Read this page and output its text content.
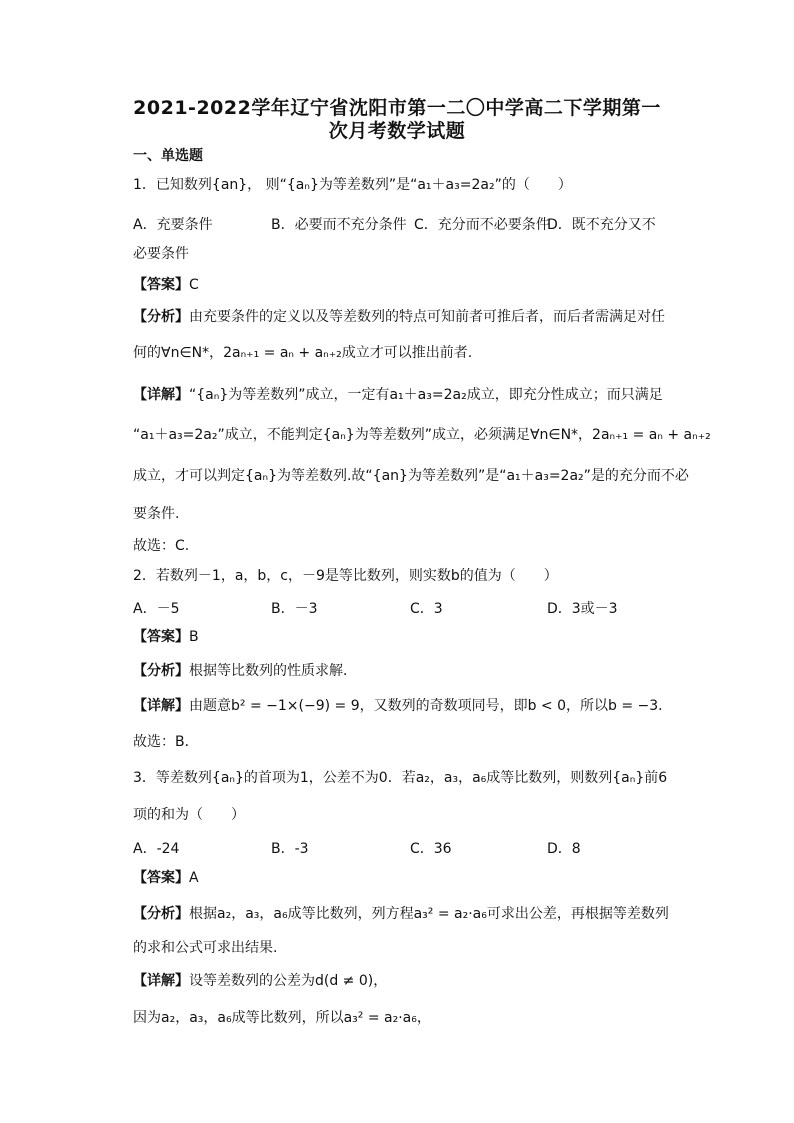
2021-2022学年辽宁省沈阳市第一二〇中学高二下学期第一
次月考数学试题
一、单选题
1．已知数列{an}， 则“{aₙ}为等差数列”是“a₁＋a₃=2a₂”的（　　）
A．充要条件	B．必要而不充分条件 C．充分而不必要条件
D．既不充分又不
必要条件
【答案】C
【分析】由充要条件的定义以及等差数列的特点可知前者可推后者，而后者需满足对任
何的∀n∈N*，2aₙ₊₁ = aₙ + aₙ₊₂成立才可以推出前者.
【详解】“{aₙ}为等差数列”成立，一定有a₁＋a₃=2a₂成立，即充分性成立；而只满足
“a₁＋a₃=2a₂”成立，不能判定{aₙ}为等差数列”成立，必须满足∀n∈N*，2aₙ₊₁ = aₙ + aₙ₊₂
成立，才可以判定{aₙ}为等差数列.故“{an}为等差数列”是“a₁＋a₃=2a₂”是的充分而不必
要条件.
故选：C.
2．若数列－1，a，b，c，－9是等比数列，则实数b的值为（　　）
A．－5	B．－3	C．3	D．3或－3
【答案】B
【分析】根据等比数列的性质求解．
【详解】由题意b² = −1×(−9) = 9，又数列的奇数项同号，即b < 0，所以b = −3．
故选：B．
3．等差数列{aₙ}的首项为1，公差不为0．若a₂，a₃，a₆成等比数列，则数列{aₙ}前6
项的和为（　　）
A．-24	B．-3	C．36	D．8
【答案】A
【分析】根据a₂，a₃，a₆成等比数列，列方程a₃² = a₂·a₆可求出公差，再根据等差数列
的求和公式可求出结果.
【详解】设等差数列的公差为d(d ≠ 0)，
因为a₂，a₃，a₆成等比数列，所以a₃² = a₂·a₆，
